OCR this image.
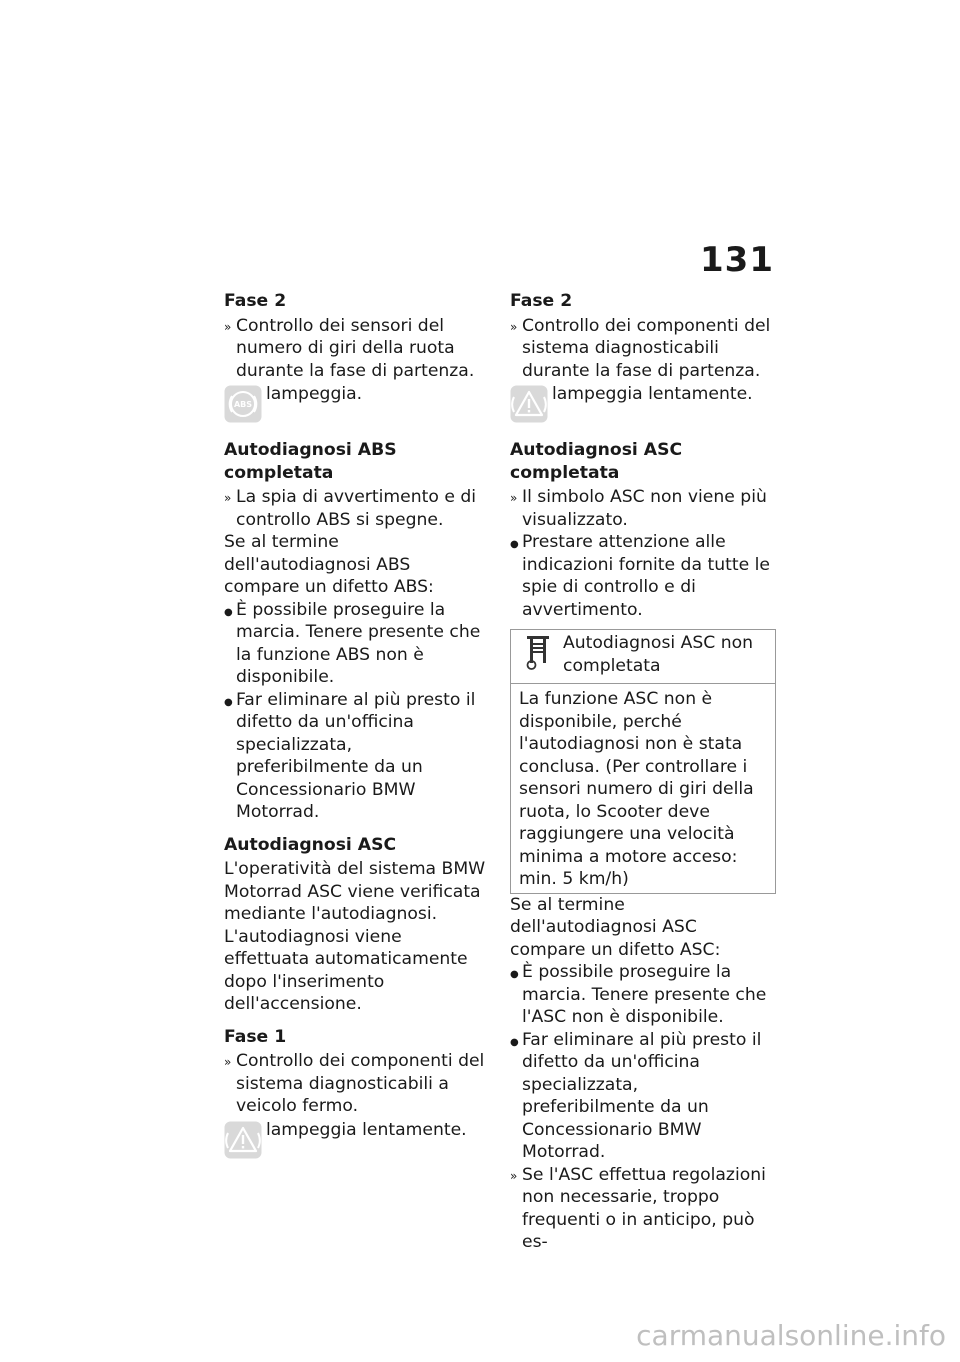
131
Fase 2
» Controllo dei sensori del numero di giri della ruota durante la fase di partenza.
ABS
lampeggia.
Autodiagnosi ABS completata
» La spia di avvertimento e di controllo ABS si spegne.
Se al termine dell'autodiagnosi ABS compare un difetto ABS:
● È possibile proseguire la marcia. Tenere presente che la funzione ABS non è disponibile.
● Far eliminare al più presto il difetto da un'officina specializzata, preferibilmente da un Concessionario BMW Motorrad.
Autodiagnosi ASC
L'operatività del sistema BMW Motorrad ASC viene verificata mediante l'autodiagnosi. L'autodiagnosi viene effettuata automaticamente dopo l'inserimento dell'accensione.
Fase 1
» Controllo dei componenti del sistema diagnosticabili a veicolo fermo.
lampeggia lentamente.
Fase 2
» Controllo dei componenti del sistema diagnosticabili durante la fase di partenza.
lampeggia lentamente.
Autodiagnosi ASC completata
» Il simbolo ASC non viene più visualizzato.
● Prestare attenzione alle indicazioni fornite da tutte le spie di controllo e di avvertimento.
Autodiagnosi ASC non completata
La funzione ASC non è disponibile, perché l'autodiagnosi non è stata conclusa. (Per controllare i sensori numero di giri della ruota, lo Scooter deve raggiungere una velocità minima a motore acceso: min. 5 km/h)
Se al termine dell'autodiagnosi ASC compare un difetto ASC:
● È possibile proseguire la marcia. Tenere presente che l'ASC non è disponibile.
● Far eliminare al più presto il difetto da un'officina specializzata, preferibilmente da un Concessionario BMW Motorrad.
» Se l'ASC effettua regolazioni non necessarie, troppo frequenti o in anticipo, può es-
carmanualsonline.info
